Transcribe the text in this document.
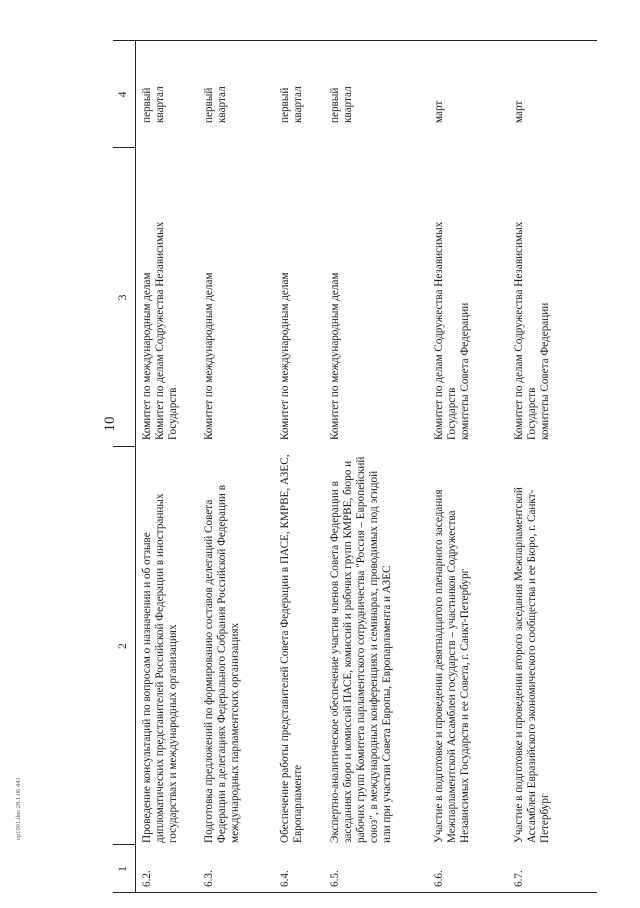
10
1
2
3
4
6.2.
Проведение консультаций по вопросам о назначении и об отзыве дипломатических представителей Российской Федерации в иностранных государствах и международных организациях
Комитет по международным делам
Комитет по делам Содружества Независимых Государств
первый квартал
6.3.
Подготовка предложений по формированию составов делегаций Совета Федерации в делегациях Федерального Собрания Российской Федерации в международных парламентских организациях
Комитет по международным делам
первый квартал
6.4.
Обеспечение работы представителей Совета Федерации в ПАСЕ, КМРВЕ, АЗЕС, Европарламенте
Комитет по международным делам
первый квартал
6.5.
Экспертно-аналитическое обеспечение участия членов Совета Федерации в заседаниях бюро и комиссий ПАСЕ, комиссий и рабочих групп КМРВЕ, бюро и рабочих групп Комитета парламентского сотрудничества "Россия – Европейский союз", в международных конференциях и семинарах, проводимых под эгидой или при участии Совета Европы, Европарламента и АЗЕС
Комитет по международным делам
первый квартал
6.6.
Участие в подготовке и проведении девятнадцатого пленарного заседания Межпарламентской Ассамблеи государств – участников Содружества Независимых Государств и ее Совета, г. Санкт-Петербург
Комитет по делам Содружества Независимых Государств
комитеты Совета Федерации
март
6.7.
Участие в подготовке и проведении второго заседания Межпарламентской Ассамблеи Евразийского экономического сообщества и ее Бюро, г. Санкт-Петербург
Комитет по делам Содружества Независимых Государств
комитеты Совета Федерации
март
ср1901.doc 28.1.06 441
